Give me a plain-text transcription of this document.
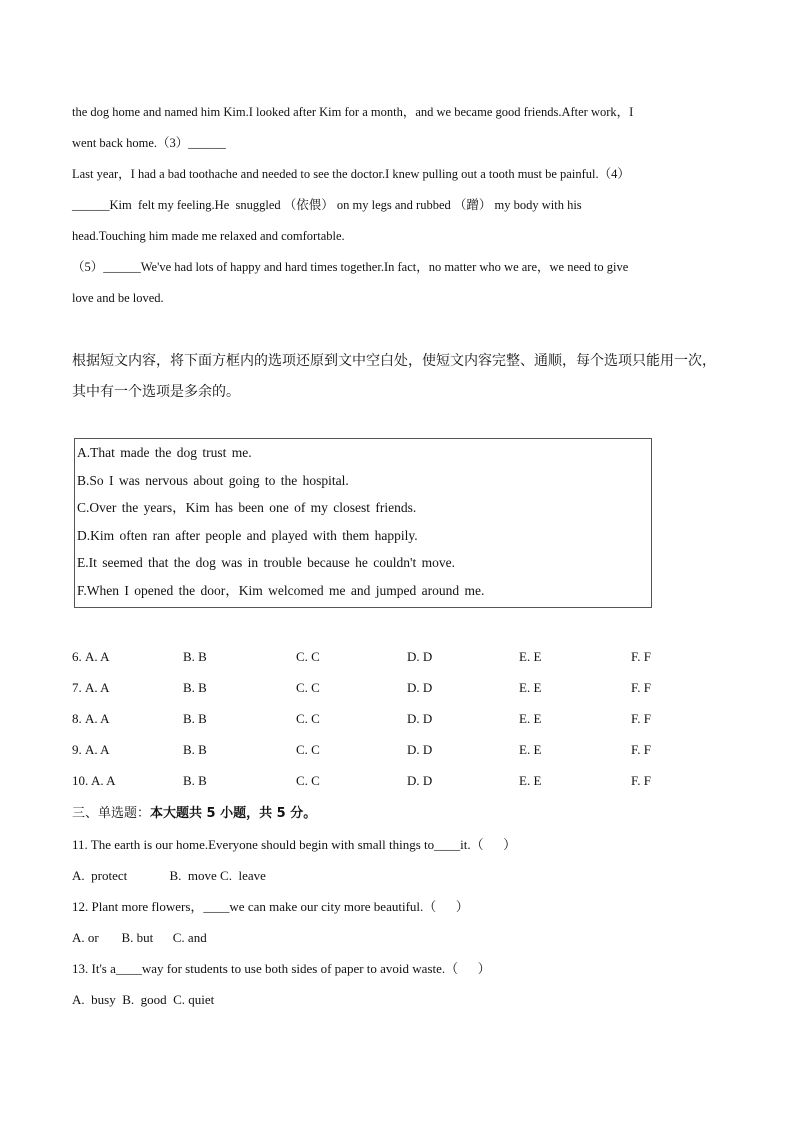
the dog home and named him Kim.I looked after Kim for a month，and we became good friends.After work，I
went back home.（3）______
Last year，I had a bad toothache and needed to see the doctor.I knew pulling out a tooth must be painful.（4）
______Kim  felt my feeling.He  snuggled （依偎） on my legs and rubbed （蹭） my body with his
head.Touching him made me relaxed and comfortable.
（5）______We've had lots of happy and hard times together.In fact，no matter who we are，we need to give
love and be loved.
根据短文内容，将下面方框内的选项还原到文中空白处，使短文内容完整、通顺，每个选项只能用一次，
其中有一个选项是多余的。
A.That made the dog trust me.
B.So I was nervous about going to the hospital.
C.Over the years，Kim has been one of my closest friends.
D.Kim often ran after people and played with them happily.
E.It seemed that the dog was in trouble because he couldn't move.
F.When I opened the door，Kim welcomed me and jumped around me.
6. A. A	B. B	C. C	D. D	E. E	F. F
7. A. A	B. B	C. C	D. D	E. E	F. F
8. A. A	B. B	C. C	D. D	E. E	F. F
9. A. A	B. B	C. C	D. D	E. E	F. F
10. A. A	B. B	C. C	D. D	E. E	F. F
三、单选题：本大题共 5 小题，共 5 分。
11. The earth is our home.Everyone should begin with small things to____it.（      ）
A.  protect             B.  move C.  leave
12. Plant more flowers，____we can make our city more beautiful.（      ）
A. or       B. but      C. and
13. It's a____way for students to use both sides of paper to avoid waste.（      ）
A.  busy  B.  good  C. quiet
